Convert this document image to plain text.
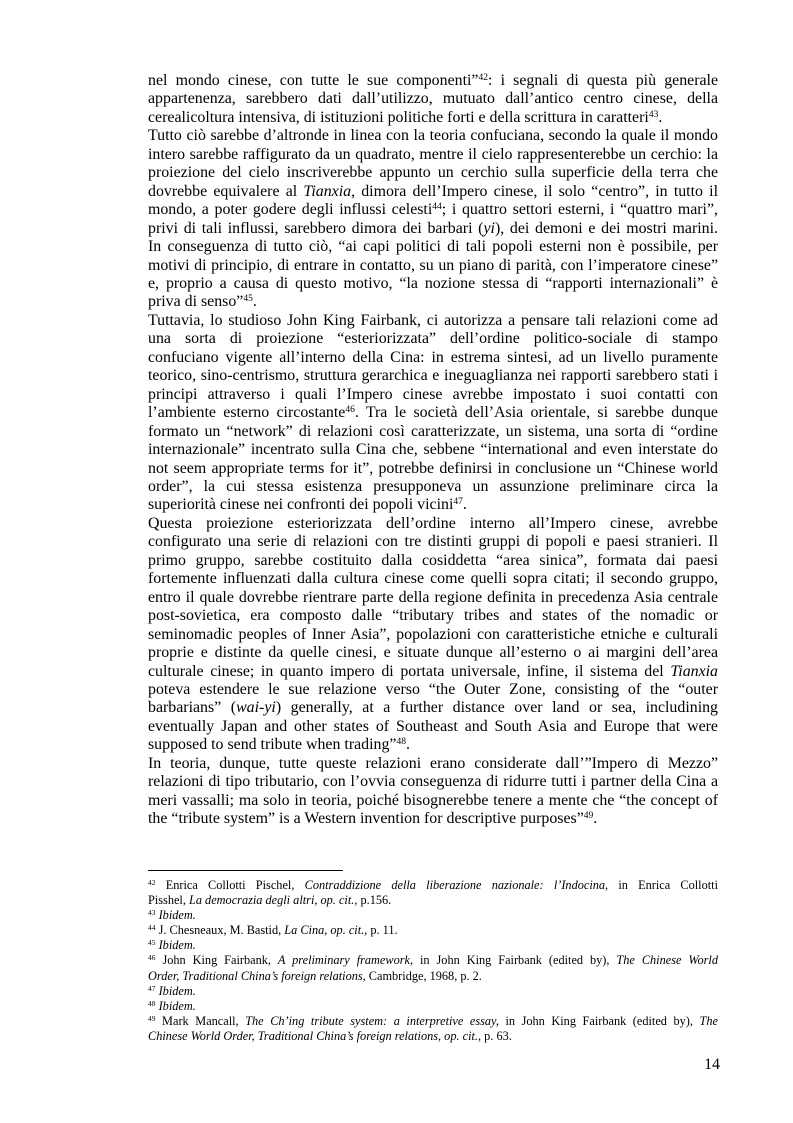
nel mondo cinese, con tutte le sue componenti”$^{42}$: i segnali di questa più generale
appartenenza, sarebbero dati dall’utilizzo, mutuato dall’antico centro cinese, della
cerealicoltura intensiva, di istituzioni politiche forti e della scrittura in caratteri$^{43}$.
Tutto ciò sarebbe d’altronde in linea con la teoria confuciana, secondo la quale il mondo
intero sarebbe raffigurato da un quadrato, mentre il cielo rappresenterebbe un cerchio: la
proiezione del cielo inscriverebbe appunto un cerchio sulla superficie della terra che
dovrebbe equivalere al Tianxia, dimora dell’Impero cinese, il solo “centro”, in tutto il
mondo, a poter godere degli influssi celesti$^{44}$; i quattro settori esterni, i “quattro mari”,
privi di tali influssi, sarebbero dimora dei barbari (yi), dei demoni e dei mostri marini.
In conseguenza di tutto ciò, “ai capi politici di tali popoli esterni non è possibile, per
motivi di principio, di entrare in contatto, su un piano di parità, con l’imperatore cinese”
e, proprio a causa di questo motivo, “la nozione stessa di “rapporti internazionali” è
priva di senso”$^{45}$.
Tuttavia, lo studioso John King Fairbank, ci autorizza a pensare tali relazioni come ad
una sorta di proiezione “esteriorizzata” dell’ordine politico-sociale di stampo
confuciano vigente all’interno della Cina: in estrema sintesi, ad un livello puramente
teorico, sino-centrismo, struttura gerarchica e ineguaglianza nei rapporti sarebbero stati i
principi attraverso i quali l’Impero cinese avrebbe impostato i suoi contatti con
l’ambiente esterno circostante$^{46}$. Tra le società dell’Asia orientale, si sarebbe dunque
formato un “network” di relazioni così caratterizzate, un sistema, una sorta di “ordine
internazionale” incentrato sulla Cina che, sebbene “international and even interstate do
not seem appropriate terms for it”, potrebbe definirsi in conclusione un “Chinese world
order”, la cui stessa esistenza presupponeva un assunzione preliminare circa la
superiorità cinese nei confronti dei popoli vicini$^{47}$.
Questa proiezione esteriorizzata dell’ordine interno all’Impero cinese, avrebbe
configurato una serie di relazioni con tre distinti gruppi di popoli e paesi stranieri. Il
primo gruppo, sarebbe costituito dalla cosiddetta “area sinica”, formata dai paesi
fortemente influenzati dalla cultura cinese come quelli sopra citati; il secondo gruppo,
entro il quale dovrebbe rientrare parte della regione definita in precedenza Asia centrale
post-sovietica, era composto dalle “tributary tribes and states of the nomadic or
seminomadic peoples of Inner Asia”, popolazioni con caratteristiche etniche e culturali
proprie e distinte da quelle cinesi, e situate dunque all’esterno o ai margini dell’area
culturale cinese; in quanto impero di portata universale, infine, il sistema del Tianxia
poteva estendere le sue relazione verso “the Outer Zone, consisting of the “outer
barbarians” (wai-yi) generally, at a further distance over land or sea, includining
eventually Japan and other states of Southeast and South Asia and Europe that were
supposed to send tribute when trading”$^{48}$.
In teoria, dunque, tutte queste relazioni erano considerate dall’”Impero di Mezzo”
relazioni di tipo tributario, con l’ovvia conseguenza di ridurre tutti i partner della Cina a
meri vassalli; ma solo in teoria, poiché bisognerebbe tenere a mente che “the concept of
the “tribute system” is a Western invention for descriptive purposes”$^{49}$.

$^{42}$ Enrica Collotti Pischel, Contraddizione della liberazione nazionale: l’Indocina, in Enrica Collotti
Pisshel, La democrazia degli altri, op. cit., p.156.
$^{43}$ Ibidem.
$^{44}$ J. Chesneaux, M. Bastid, La Cina, op. cit., p. 11.
$^{45}$ Ibidem.
$^{46}$ John King Fairbank, A preliminary framework, in John King Fairbank (edited by), The Chinese World
Order, Traditional China’s foreign relations, Cambridge, 1968, p. 2.
$^{47}$ Ibidem.
$^{48}$ Ibidem.
$^{49}$ Mark Mancall, The Ch’ing tribute system: a interpretive essay, in John King Fairbank (edited by), The
Chinese World Order, Traditional China’s foreign relations, op. cit., p. 63.

14
